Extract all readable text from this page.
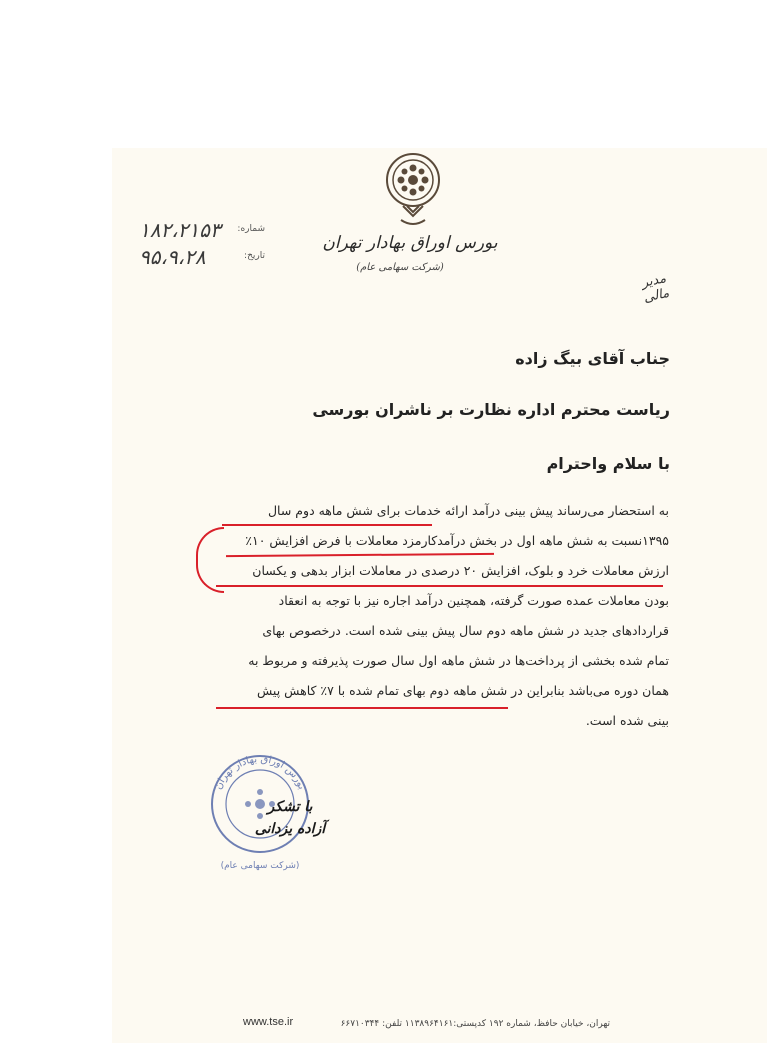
بورس اوراق بهادار تهران
(شرکت سهامی عام)
شماره:
۱۸۲،۲۱۵۳
تاریخ:
۹۵،۹،۲۸
مدیر مالی
جناب آقای بیگ زاده
ریاست محترم اداره نظارت بر ناشران بورسی
با سلام واحترام
به استحضار می‌رساند پیش بینی درآمد ارائه خدمات برای شش ماهه دوم سال
۱۳۹۵نسبت به شش ماهه اول در بخش درآمدکارمزد معاملات با فرض افزایش ۱۰٪
ارزش معاملات خرد و بلوک، افزایش ۲۰ درصدی در معاملات ابزار بدهی و یکسان
بودن معاملات عمده صورت گرفته، همچنین درآمد اجاره نیز با توجه به انعقاد
قراردادهای جدید در شش ماهه دوم سال پیش بینی شده است. درخصوص بهای
تمام شده بخشی از پرداخت‌ها در شش ماهه اول سال صورت پذیرفته و مربوط به
همان دوره می‌باشد بنابراین در شش ماهه دوم بهای تمام شده با ۷٪ کاهش پیش
بینی شده است.
بورس اوراق بهادار تهران
(شرکت سهامی عام)
با تشکر
آزاده یزدانی
www.tse.ir	تهران، خیابان حافظ، شماره ۱۹۲ کدپستی:۱۱۳۸۹۶۴۱۶۱ تلفن: ۶۶۷۱۰۳۴۴
